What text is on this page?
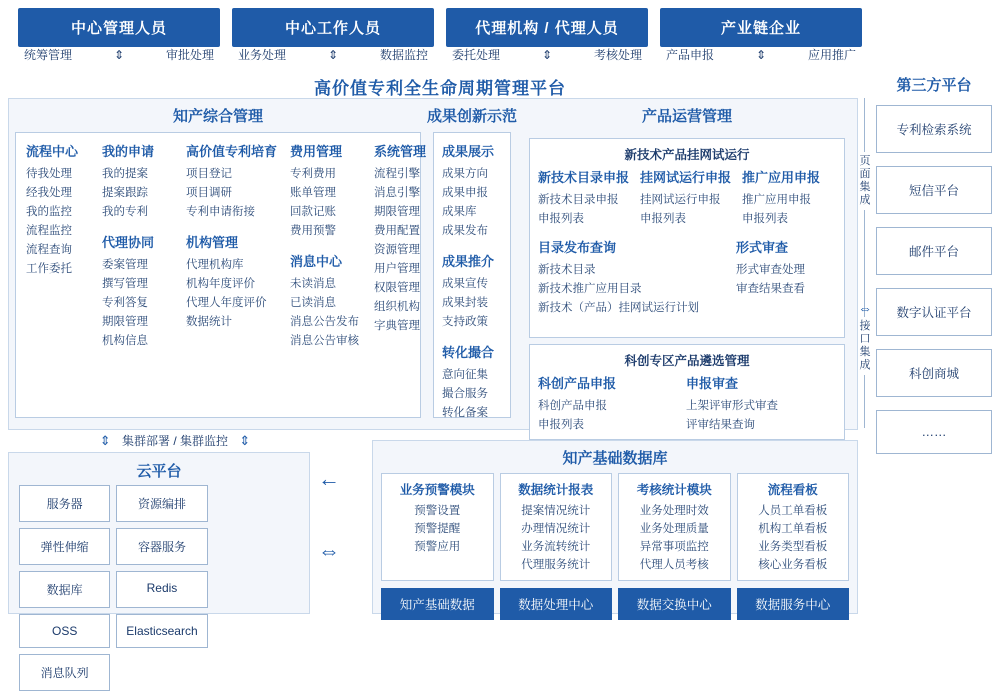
中心管理人员	中心工作人员	代理机构 / 代理人员	产业链企业
统筹管理	⇕	审批处理 业务处理	⇕	数据监控 委托处理	⇕	考核处理 产品申报	⇕	应用推广
高价值专利全生命周期管理平台
知产综合管理
流程中心
待我处理
经我处理
我的监控
流程监控
流程查询
工作委托
我的申请
我的提案
提案跟踪
我的专利
代理协同
委案管理
撰写管理
专利答复
期限管理
机构信息
高价值专利培育
项目登记
项目调研
专利申请衔接
机构管理
代理机构库
机构年度评价
代理人年度评价
数据统计
费用管理
专利费用
账单管理
回款记账
费用预警
消息中心
未读消息
已读消息
消息公告发布
消息公告审核
系统管理
流程引擎
消息引擎
期限管理
费用配置
资源管理
用户管理
权限管理
组织机构
字典管理
成果创新示范
成果展示
成果方向
成果申报
成果库
成果发布
成果推介
成果宣传
成果封装
支持政策
转化撮合
意向征集
撮合服务
转化备案
产品运营管理
新技术产品挂网试运行
新技术目录申报
新技术目录申报
申报列表
挂网试运行申报
挂网试运行申报
申报列表
推广应用申报
推广应用申报
申报列表
目录发布查询
新技术目录
新技术推广应用目录
新技术（产品）挂网试运行计划
形式审查
形式审查处理
审查结果查看
科创专区产品遴选管理
科创产品申报
科创产品申报
申报列表
申报审查
上架评审形式审查
评审结果查询
页面集成
接口集成
⇔
第三方平台
专利检索系统
短信平台
邮件平台
数字认证平台
科创商城
……
⇕ 集群部署 / 集群监控 ⇕
云平台
服务器	资源编排
弹性伸缩	容器服务
数据库	Redis
OSS	Elasticsearch
消息队列
←
⇔
知产基础数据库
业务预警模块
预警设置
预警提醒
预警应用
数据统计报表
提案情况统计
办理情况统计
业务流转统计
代理服务统计
考核统计模块
业务处理时效
业务处理质量
异常事项监控
代理人员考核
流程看板
人员工单看板
机构工单看板
业务类型看板
核心业务看板
知产基础数据	数据处理中心	数据交换中心	数据服务中心
